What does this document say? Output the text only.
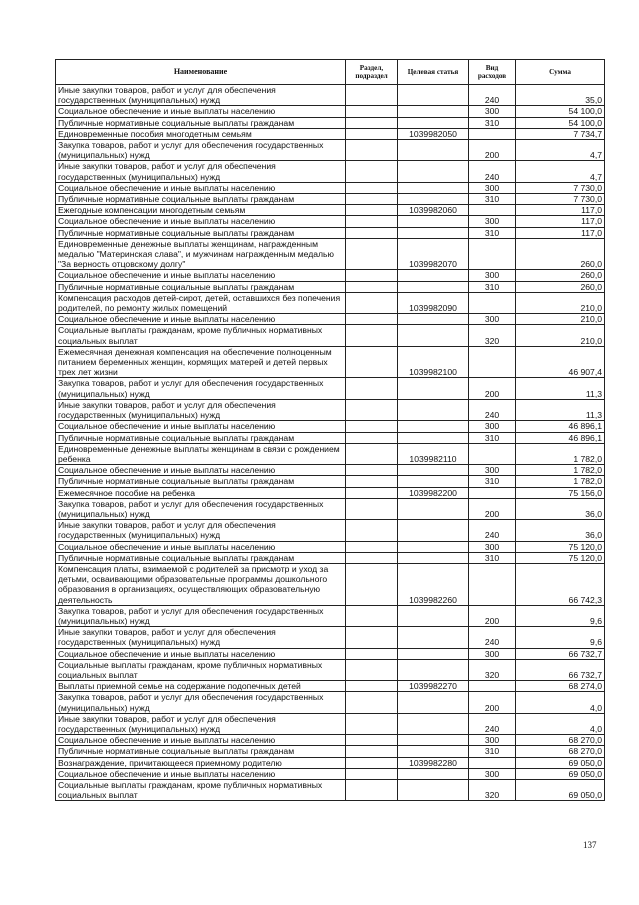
Наименование	Раздел, подраздел	Целевая статья	Вид расходов	Сумма
Иные закупки товаров, работ и услуг для обеспечения государственных (муниципальных) нужд			240	35,0
Социальное обеспечение и иные выплаты населению			300	54 100,0
Публичные нормативные социальные выплаты гражданам			310	54 100,0
Единовременные пособия многодетным семьям		1039982050		7 734,7
Закупка товаров, работ и услуг для обеспечения государственных (муниципальных) нужд			200	4,7
Иные закупки товаров, работ и услуг для обеспечения государственных (муниципальных) нужд			240	4,7
Социальное обеспечение и иные выплаты населению			300	7 730,0
Публичные нормативные социальные выплаты гражданам			310	7 730,0
Ежегодные компенсации многодетным семьям		1039982060		117,0
Социальное обеспечение и иные выплаты населению			300	117,0
Публичные нормативные социальные выплаты гражданам			310	117,0
Единовременные денежные выплаты женщинам, награжденным медалью "Материнская слава", и мужчинам награжденным медалью "За верность отцовскому долгу"		1039982070		260,0
Социальное обеспечение и иные выплаты населению			300	260,0
Публичные нормативные социальные выплаты гражданам			310	260,0
Компенсация расходов детей-сирот, детей, оставшихся без попечения родителей, по ремонту жилых помещений		1039982090		210,0
Социальное обеспечение и иные выплаты населению			300	210,0
Социальные выплаты гражданам, кроме публичных нормативных социальных выплат			320	210,0
Ежемесячная денежная компенсация на обеспечение полноценным питанием беременных женщин, кормящих матерей и детей первых трех лет жизни		1039982100		46 907,4
Закупка товаров, работ и услуг для обеспечения государственных (муниципальных) нужд			200	11,3
Иные закупки товаров, работ и услуг для обеспечения государственных (муниципальных) нужд			240	11,3
Социальное обеспечение и иные выплаты населению			300	46 896,1
Публичные нормативные социальные выплаты гражданам			310	46 896,1
Единовременные денежные выплаты женщинам в связи с рождением ребенка		1039982110		1 782,0
Социальное обеспечение и иные выплаты населению			300	1 782,0
Публичные нормативные социальные выплаты гражданам			310	1 782,0
Ежемесячное пособие на ребенка		1039982200		75 156,0
Закупка товаров, работ и услуг для обеспечения государственных (муниципальных) нужд			200	36,0
Иные закупки товаров, работ и услуг для обеспечения государственных (муниципальных) нужд			240	36,0
Социальное обеспечение и иные выплаты населению			300	75 120,0
Публичные нормативные социальные выплаты гражданам			310	75 120,0
Компенсация платы, взимаемой с родителей за присмотр и уход за детьми, осваивающими образовательные программы дошкольного образования в организациях, осуществляющих образовательную деятельность		1039982260		66 742,3
Закупка товаров, работ и услуг для обеспечения государственных (муниципальных) нужд			200	9,6
Иные закупки товаров, работ и услуг для обеспечения государственных (муниципальных) нужд			240	9,6
Социальное обеспечение и иные выплаты населению			300	66 732,7
Социальные выплаты гражданам, кроме публичных нормативных социальных выплат			320	66 732,7
Выплаты приемной семье на содержание подопечных детей		1039982270		68 274,0
Закупка товаров, работ и услуг для обеспечения государственных (муниципальных) нужд			200	4,0
Иные закупки товаров, работ и услуг для обеспечения государственных (муниципальных) нужд			240	4,0
Социальное обеспечение и иные выплаты населению			300	68 270,0
Публичные нормативные социальные выплаты гражданам			310	68 270,0
Вознаграждение, причитающееся приемному родителю		1039982280		69 050,0
Социальное обеспечение и иные выплаты населению			300	69 050,0
Социальные выплаты гражданам, кроме публичных нормативных социальных выплат			320	69 050,0
137
